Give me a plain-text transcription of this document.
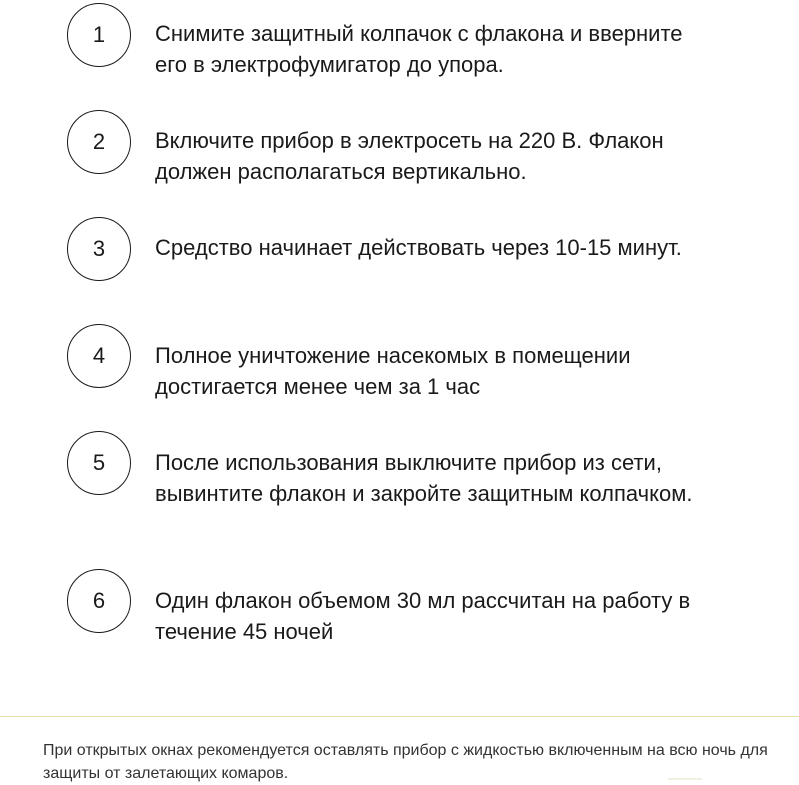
1	Снимите защитный колпачок с флакона и вверните его в электрофумигатор до упора.
2	Включите прибор в электросеть на 220 В. Флакон должен располагаться вертикально.
3	Средство начинает действовать через 10-15 минут.
4	Полное уничтожение насекомых в помещении достигается менее чем за 1 час
5	После использования выключите прибор из сети, вывинтите флакон и закройте защитным колпачком.
6	Один флакон объемом 30 мл рассчитан на работу в течение 45 ночей
При открытых окнах рекомендуется оставлять прибор с жидкостью включенным на всю ночь для защиты от залетающих комаров.
